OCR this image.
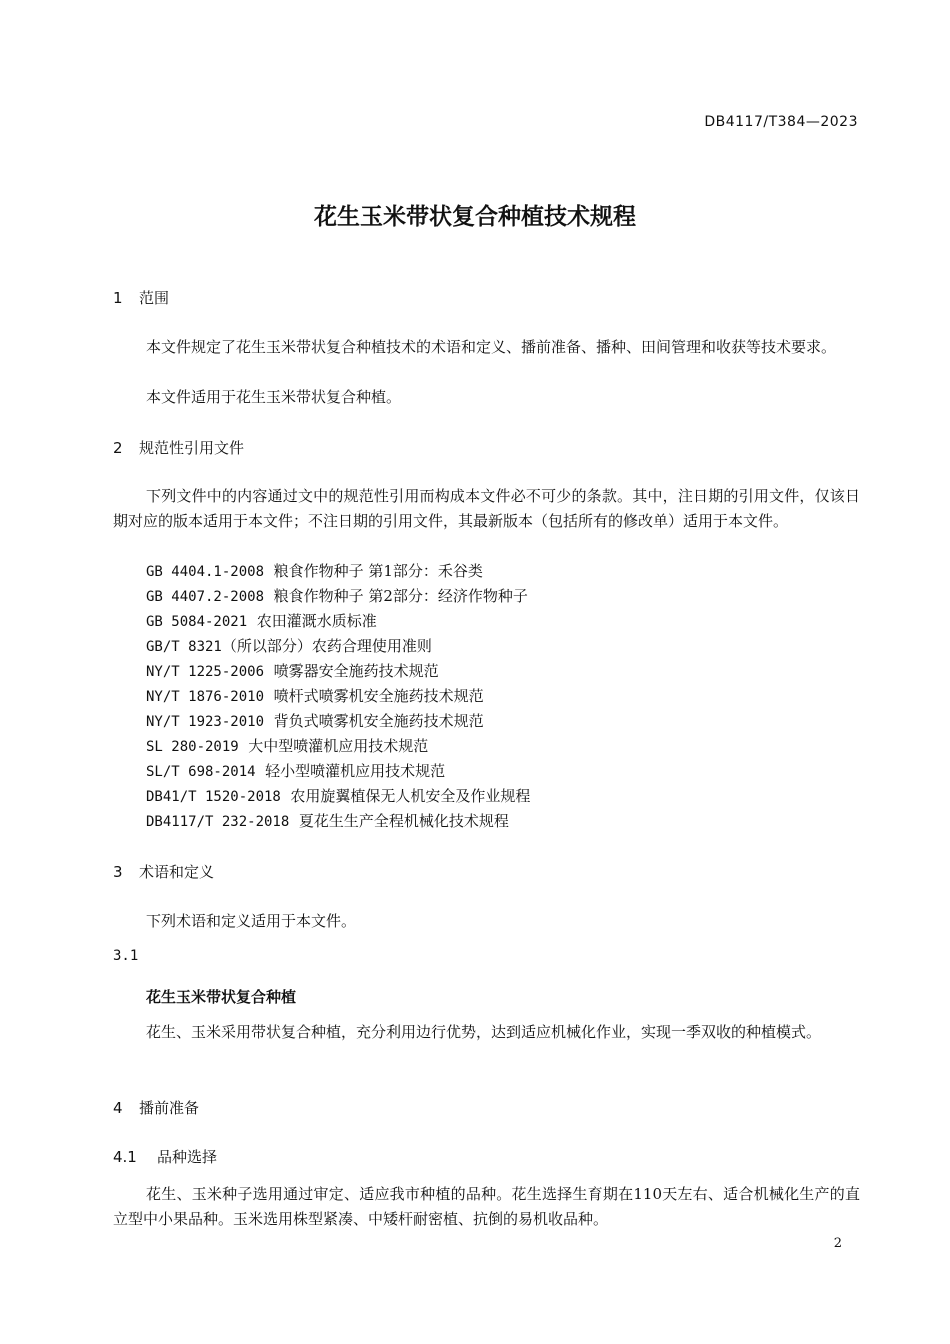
DB4117/T384—2023
花生玉米带状复合种植技术规程
1 范围
本文件规定了花生玉米带状复合种植技术的术语和定义、播前准备、播种、田间管理和收获等技术要求。
本文件适用于花生玉米带状复合种植。
2 规范性引用文件
下列文件中的内容通过文中的规范性引用而构成本文件必不可少的条款。其中，注日期的引用文件，仅该日期对应的版本适用于本文件；不注日期的引用文件，其最新版本（包括所有的修改单）适用于本文件。
GB 4404.1-2008 粮食作物种子 第1部分：禾谷类
GB 4407.2-2008 粮食作物种子 第2部分：经济作物种子
GB 5084-2021 农田灌溉水质标准
GB/T 8321（所以部分）农药合理使用准则
NY/T 1225-2006 喷雾器安全施药技术规范
NY/T 1876-2010 喷杆式喷雾机安全施药技术规范
NY/T 1923-2010 背负式喷雾机安全施药技术规范
SL 280-2019 大中型喷灌机应用技术规范
SL/T 698-2014 轻小型喷灌机应用技术规范
DB41/T 1520-2018 农用旋翼植保无人机安全及作业规程
DB4117/T 232-2018 夏花生生产全程机械化技术规程
3 术语和定义
下列术语和定义适用于本文件。
3.1
花生玉米带状复合种植
花生、玉米采用带状复合种植，充分利用边行优势，达到适应机械化作业，实现一季双收的种植模式。
4 播前准备
4.1 品种选择
花生、玉米种子选用通过审定、适应我市种植的品种。花生选择生育期在110天左右、适合机械化生产的直立型中小果品种。玉米选用株型紧凑、中矮杆耐密植、抗倒的易机收品种。
2
